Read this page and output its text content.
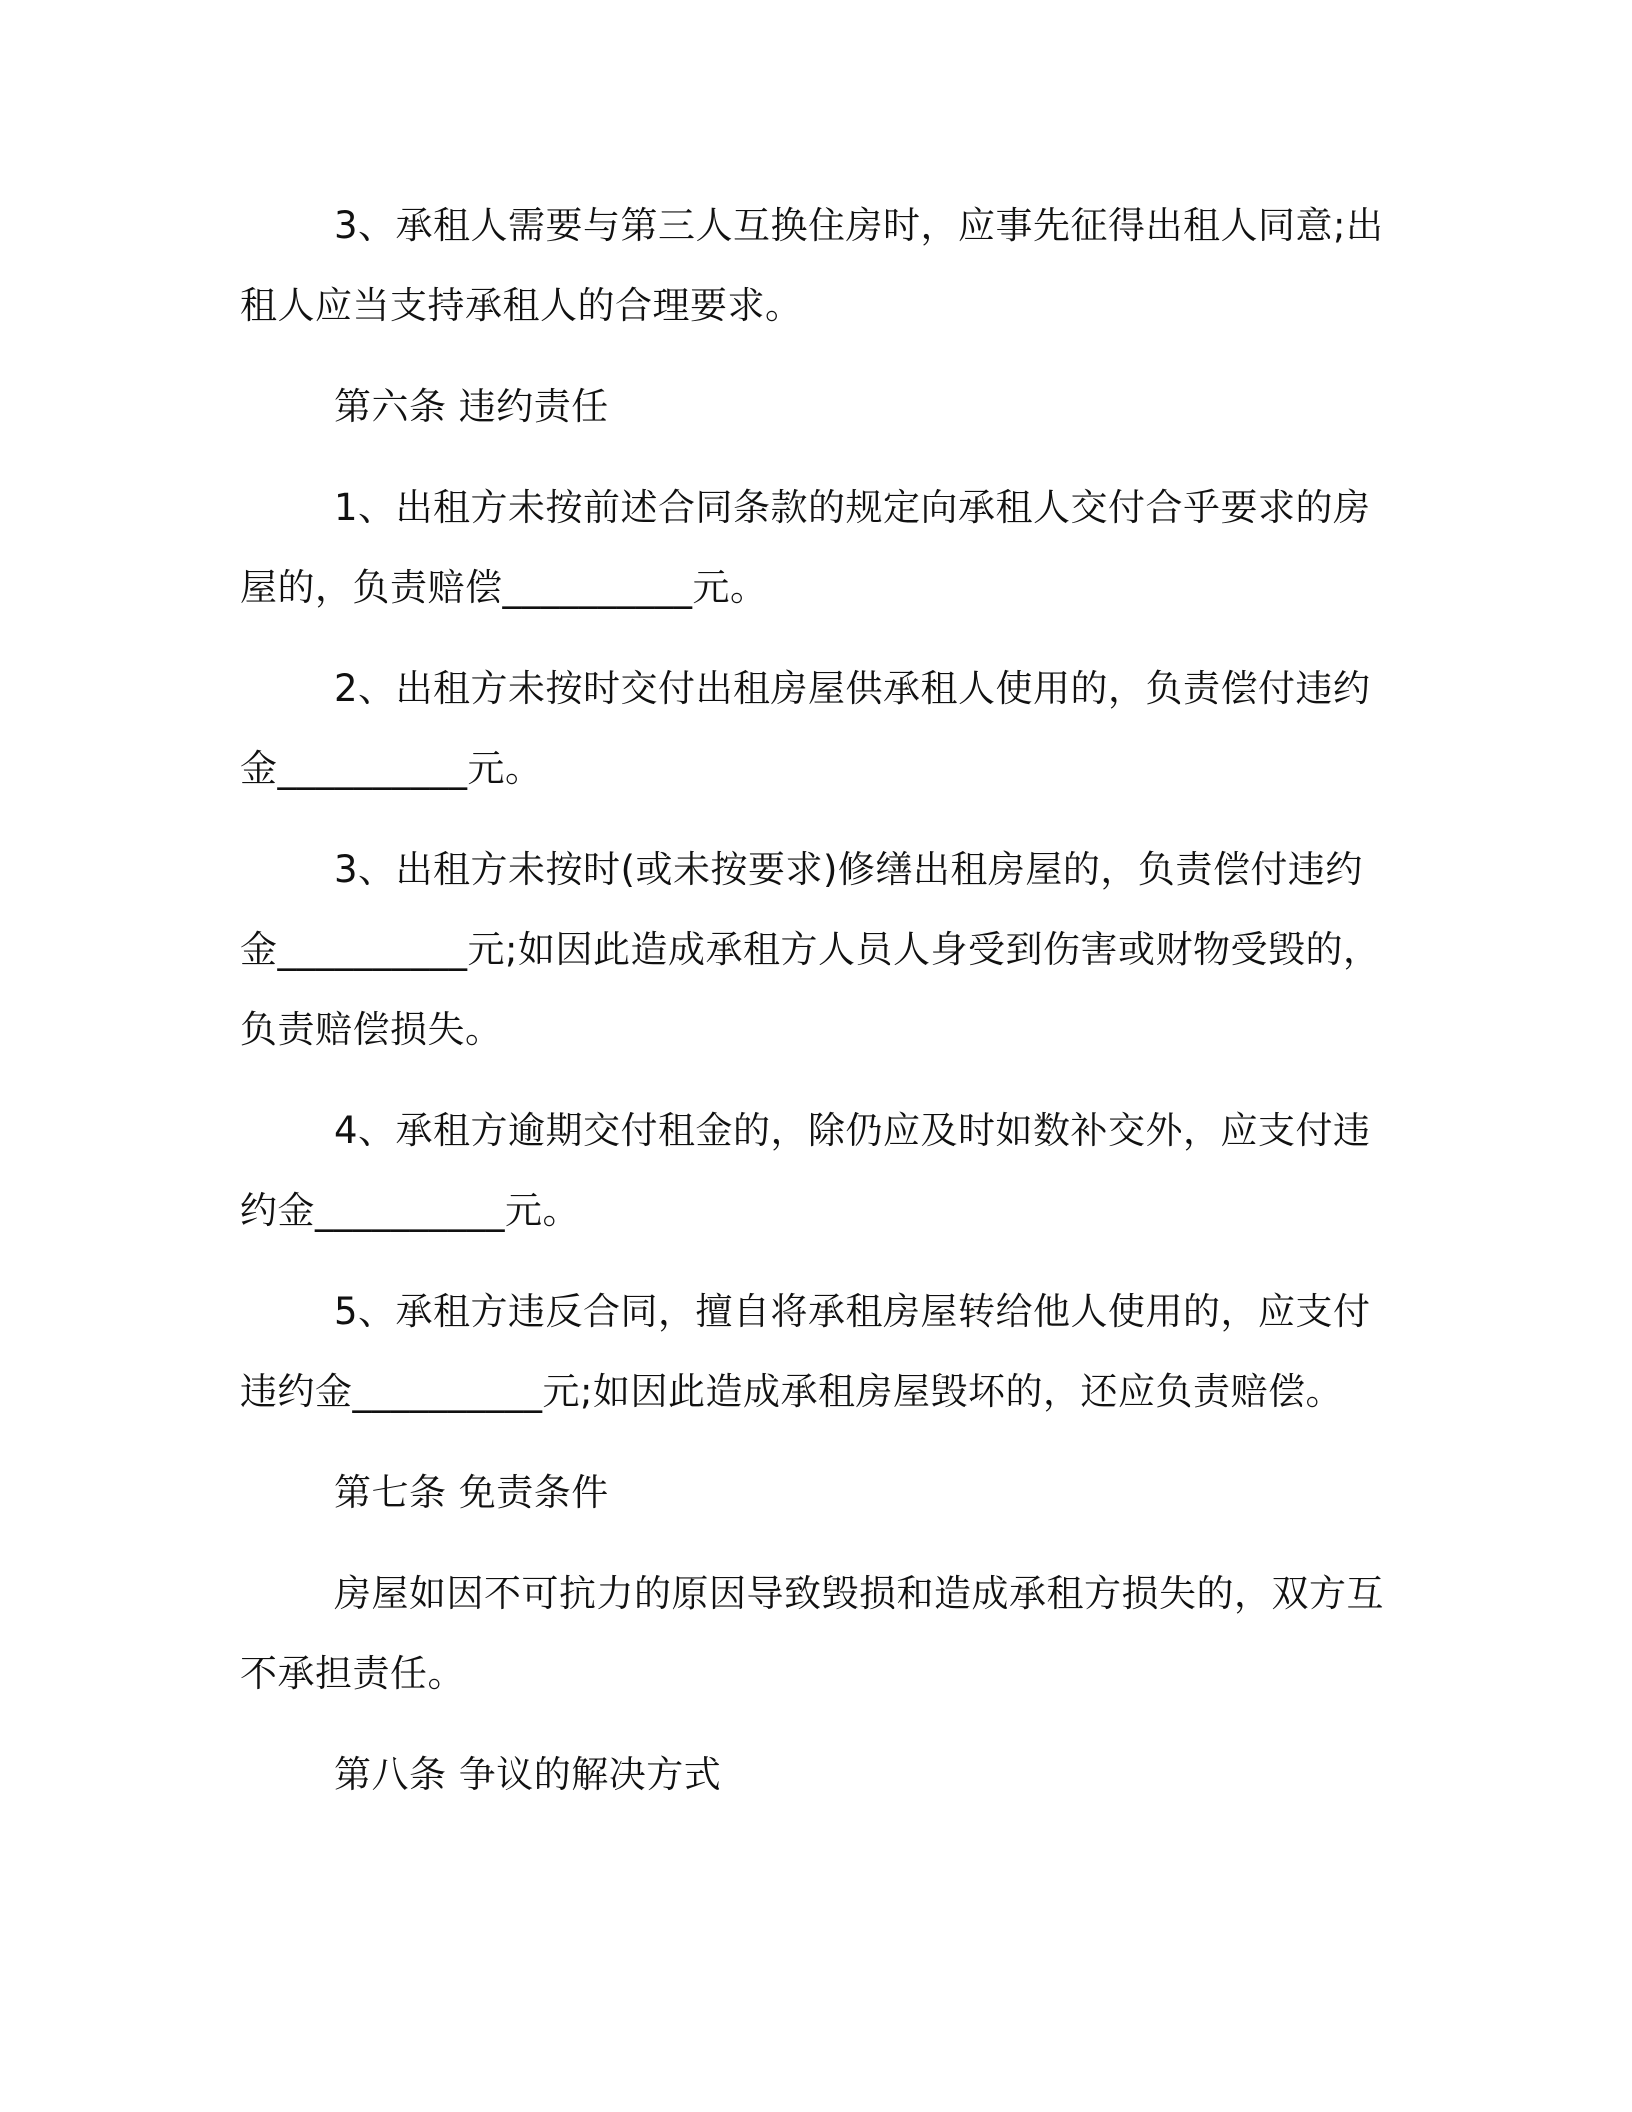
3、承租人需要与第三人互换住房时，应事先征得出租人同意;出租人应当支持承租人的合理要求。

第六条 违约责任

1、出租方未按前述合同条款的规定向承租人交付合乎要求的房屋的，负责赔偿__________元。

2、出租方未按时交付出租房屋供承租人使用的，负责偿付违约金__________元。

3、出租方未按时(或未按要求)修缮出租房屋的，负责偿付违约金__________元;如因此造成承租方人员人身受到伤害或财物受毁的，负责赔偿损失。

4、承租方逾期交付租金的，除仍应及时如数补交外，应支付违约金__________元。

5、承租方违反合同，擅自将承租房屋转给他人使用的，应支付违约金__________元;如因此造成承租房屋毁坏的，还应负责赔偿。

第七条 免责条件

房屋如因不可抗力的原因导致毁损和造成承租方损失的，双方互不承担责任。

第八条 争议的解决方式
